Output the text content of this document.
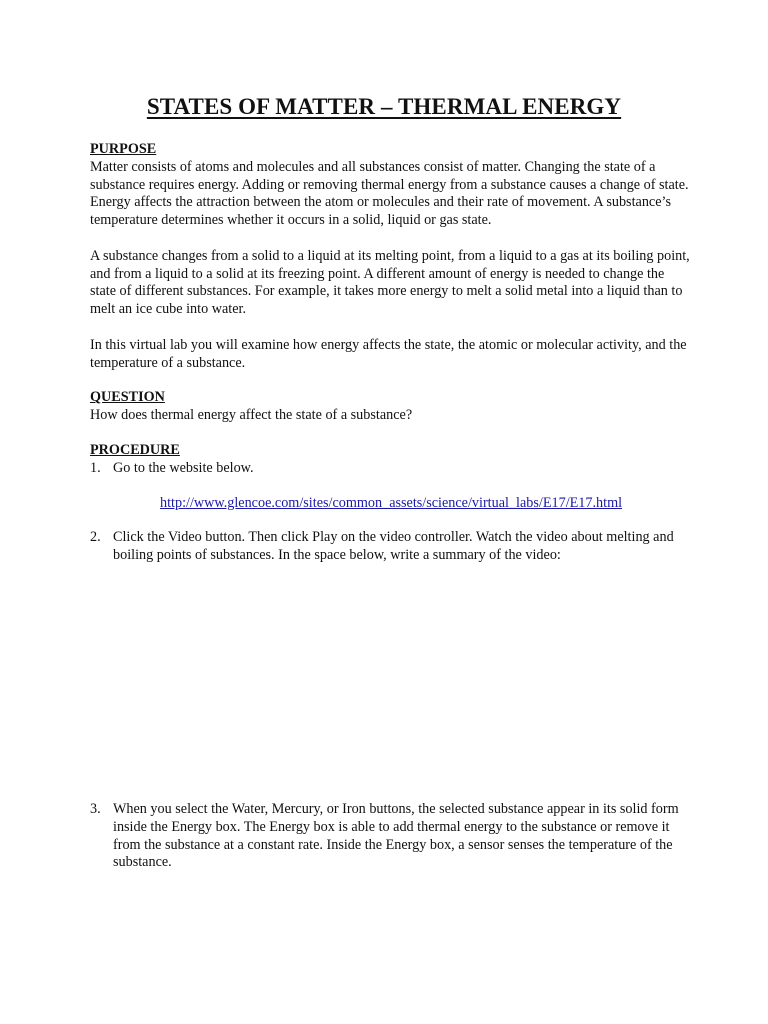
STATES OF MATTER – THERMAL ENERGY

PURPOSE

Matter consists of atoms and molecules and all substances consist of matter. Changing the state of a substance requires energy. Adding or removing thermal energy from a substance causes a change of state. Energy affects the attraction between the atom or molecules and their rate of movement. A substance’s temperature determines whether it occurs in a solid, liquid or gas state.

A substance changes from a solid to a liquid at its melting point, from a liquid to a gas at its boiling point, and from a liquid to a solid at its freezing point. A different amount of energy is needed to change the state of different substances. For example, it takes more energy to melt a solid metal into a liquid than to melt an ice cube into water.

In this virtual lab you will examine how energy affects the state, the atomic or molecular activity, and the temperature of a substance.

QUESTION

How does thermal energy affect the state of a substance?

PROCEDURE

1. Go to the website below.
http://www.glencoe.com/sites/common_assets/science/virtual_labs/E17/E17.html
2. Click the Video button. Then click Play on the video controller. Watch the video about melting and boiling points of substances. In the space below, write a summary of the video:
3. When you select the Water, Mercury, or Iron buttons, the selected substance appear in its solid form inside the Energy box. The Energy box is able to add thermal energy to the substance or remove it from the substance at a constant rate. Inside the Energy box, a sensor senses the temperature of the substance.
